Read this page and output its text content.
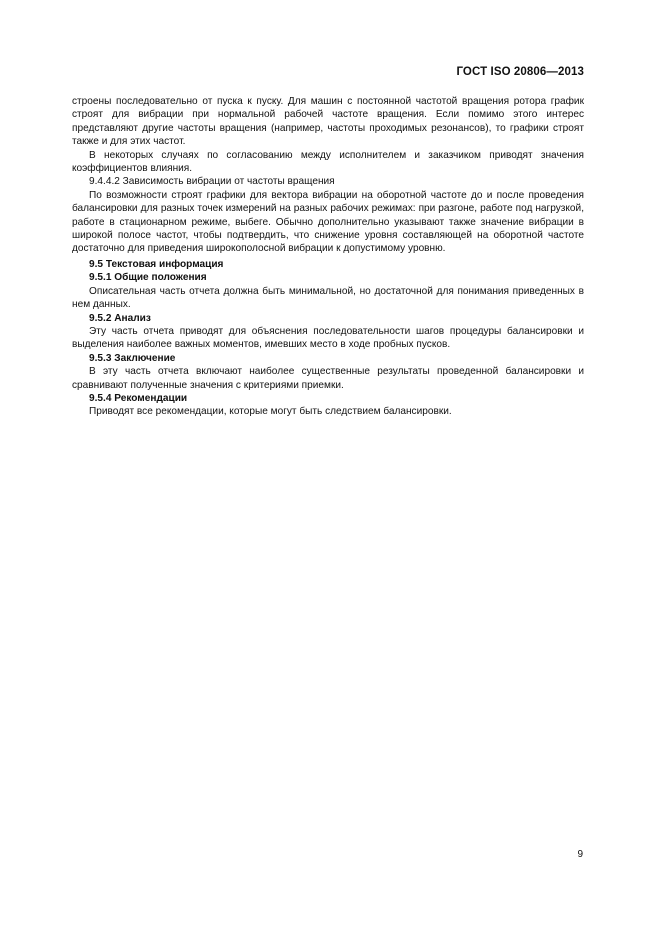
ГОСТ ISO 20806—2013

строены последовательно от пуска к пуску. Для машин с постоянной частотой вращения ротора график строят для вибрации при нормальной рабочей частоте вращения. Если помимо этого интерес представляют другие частоты вращения (например, частоты проходимых резонансов), то графики строят также и для этих частот.

В некоторых случаях по согласованию между исполнителем и заказчиком приводят значения коэффициентов влияния.

9.4.4.2 Зависимость вибрации от частоты вращения

По возможности строят графики для вектора вибрации на оборотной частоте до и после проведения балансировки для разных точек измерений на разных рабочих режимах: при разгоне, работе под нагрузкой, работе в стационарном режиме, выбеге. Обычно дополнительно указывают также значение вибрации в широкой полосе частот, чтобы подтвердить, что снижение уровня составляющей на оборотной частоте достаточно для приведения широкополосной вибрации к допустимому уровню.

9.5 Текстовая информация

9.5.1 Общие положения

Описательная часть отчета должна быть минимальной, но достаточной для понимания приведенных в нем данных.

9.5.2 Анализ

Эту часть отчета приводят для объяснения последовательности шагов процедуры балансировки и выделения наиболее важных моментов, имевших место в ходе пробных пусков.

9.5.3 Заключение

В эту часть отчета включают наиболее существенные результаты проведенной балансировки и сравнивают полученные значения с критериями приемки.

9.5.4 Рекомендации

Приводят все рекомендации, которые могут быть следствием балансировки.

9
